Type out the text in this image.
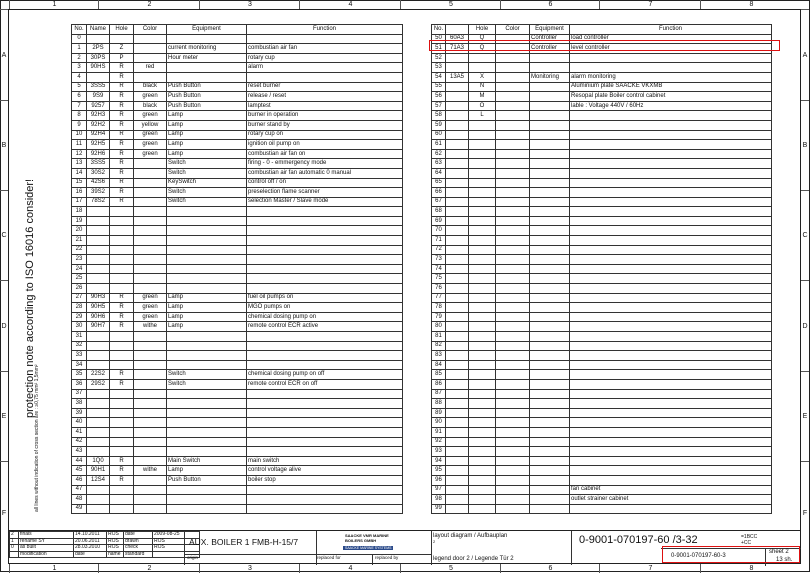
1	2	3	4	5	6	7	8
1	2	3	4	5	6	7	8
A
B
C
D
E
F
A
B
C
D
E
F
protection note according to ISO 16016 consider!
all lines without indication of cross section are : ≥0,75 mm² 1,5mm²
No.	Name	Hole	Color	Equipment	Function
0					
1	2PS	Z		current monitoring	combustian air fan
2	30PS	P		Hour meter	rotary cup
3	90HS	R	red		alarm
4		R			
5	3SS5	R	black	Push Button	reset burner
6	9S9	R	green	Push Button	release / reset
7	9257	R	black	Push Button	lamptest
8	92H3	R	green	Lamp	burner in operation
9	92H2	R	yellow	Lamp	burner stand by
10	92H4	R	green	Lamp	rotary cup on
11	92H5	R	green	Lamp	ignition oil pump on
12	92H6	R	green	Lamp	combustian air fan on
13	3SS5	R		Switch	firing - 0 - emmergency mode
14	30S2	R		Switch	combustian air fan automatic 0 manual
15	42S6	R		KeySwitch	control off / on
16	39S2	R		Switch	preselection flame scanner
17	78S2	R		Switch	selection Master / Slave mode
18					
19					
20					
21					
22					
23					
24					
25					
26					
27	90H3	R	green	Lamp	fuel oil pumps on
28	90H5	R	green	Lamp	MGO pumps on
29	90H6	R	green	Lamp	chemical dosing pump on
30	90H7	R	withe	Lamp	remote control ECR active
31					
32					
33					
34					
35	22S2	R		Switch	chemical dosing pump on off
36	29S2	R		Switch	remote control ECR on off
37					
38					
39					
40					
41					
42					
43					
44	1Q0	R		Main Switch	main switch
45	90H1	R	withe	Lamp	control voltage alive
46	12S4	R		Push Button	boiler stop
47					
48					
49					
No.		Hole	Color	Equipment	Function
50	60A3	Q		Controller	load controller
51	71A3	Q		Controller	level controller
52					
53					
54	13A5	X		Monitoring	alarm monitoring
55		N			Aluminium plate SAACKE VKXMB
56		M			Resopal plate Boiler control cabinet
57		O			lable : Voltage 440V / 60Hz
58		L			
59					
60					
61					
62					
63					
64					
65					
66					
67					
68					
69					
70					
71					
72					
73					
74					
75					
76					
77					
78					
79					
80					
81					
82					
83					
84					
85					
86					
87					
88					
89					
90					
91					
92					
93					
94					
95					
96					
97					fan cabinet
98					outlet strainer cabinet
99					
2	finals	14.10.2011	ROS	date	2009-08-25
1	rename SY	20.06.2011	ROS	drawn	ROS
0	as built	28.03.2010	ROS	check	ROS
	modification	date	name	standard	
AUX. BOILER 1 FMB-H-15/7
origin
SAACKE VMR MARINE BOILERS GMBH
SAACKE MARINE SYSTEMS
replaced for	replaced by
layout diagram / Aufbauplan
2
legend door 2 / Legende Tür 2
0-9001-070197-60 /3-32	=1BCC
+CC
0-9001-070197-60-3
sheet 2
13 sh.
